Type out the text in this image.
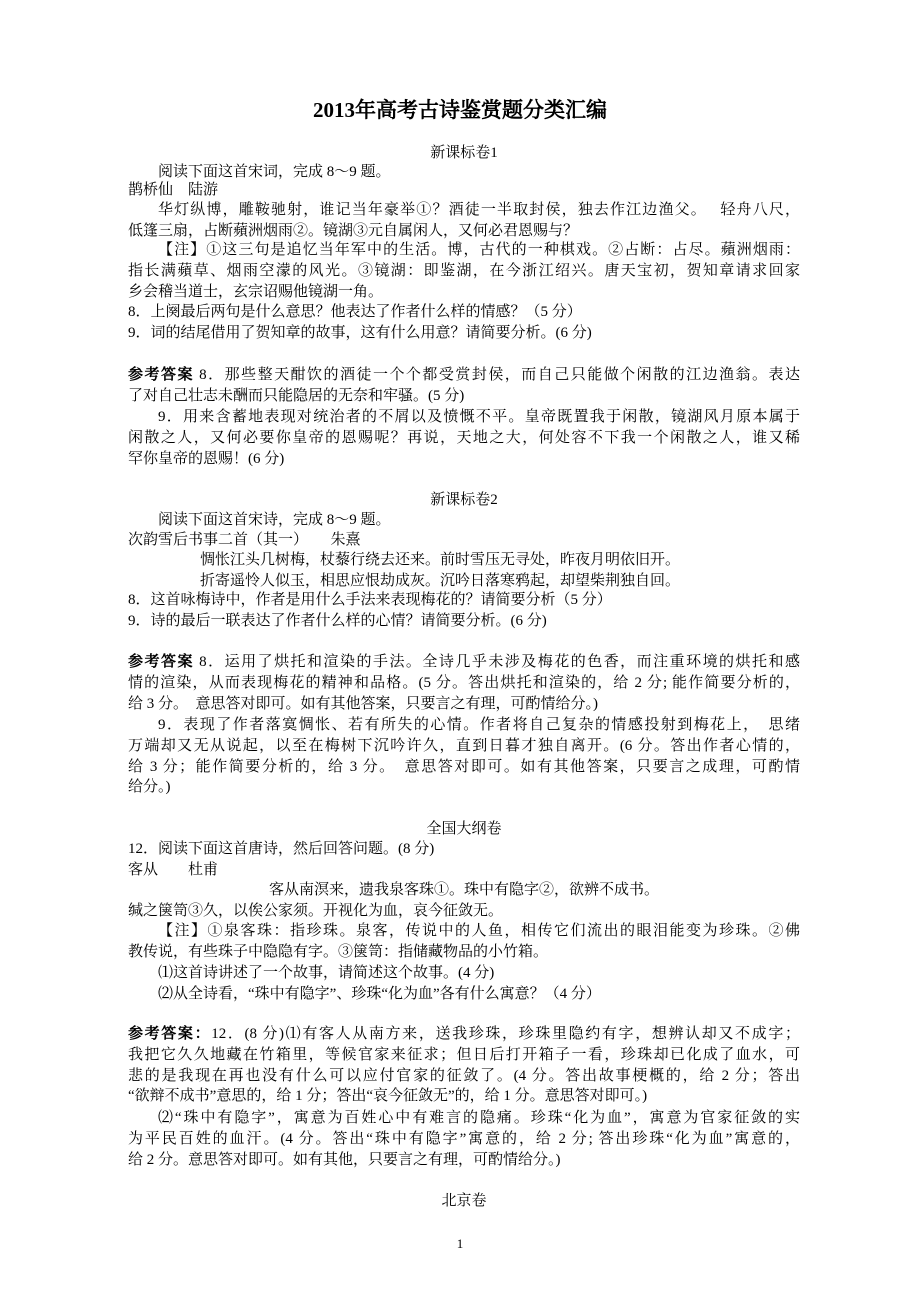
2013年高考古诗鉴赏题分类汇编
新课标卷1
阅读下面这首宋词，完成 8～9 题。
鹊桥仙　陆游
华灯纵博，雕鞍驰射，谁记当年豪举①？酒徒一半取封侯，独去作江边渔父。　 轻舟八尺，
低篷三扇，占断蘋洲烟雨②。镜湖③元自属闲人，又何必君恩赐与？
【注】①这三句是追忆当年军中的生活。博，古代的一种棋戏。②占断：占尽。蘋洲烟雨：
指长满蘋草、烟雨空濛的风光。③镜湖：即鉴湖，在今浙江绍兴。唐天宝初，贺知章请求回家
乡会稽当道士，玄宗诏赐他镜湖一角。
8．上阕最后两句是什么意思？他表达了作者什么样的情感？（5 分）
9．词的结尾借用了贺知章的故事，这有什么用意？请简要分析。(6 分)
参考答案 8．那些整天酣饮的酒徒一个个都受赏封侯，而自己只能做个闲散的江边渔翁。表达
了对自己壮志未酬而只能隐居的无奈和牢骚。(5 分)
9．用来含蓄地表现对统治者的不屑以及愤慨不平。皇帝既置我于闲散，镜湖风月原本属于
闲散之人，又何必要你皇帝的恩赐呢？再说，天地之大，何处容不下我一个闲散之人，谁又稀
罕你皇帝的恩赐！(6 分)
新课标卷2
阅读下面这首宋诗，完成 8～9 题。
次韵雪后书事二首（其一）　　朱熹
惆怅江头几树梅，杖藜行绕去还来。前时雪压无寻处，昨夜月明依旧开。
折寄遥怜人似玉，相思应恨劫成灰。沉吟日落寒鸦起，却望柴荆独自回。
8．这首咏梅诗中，作者是用什么手法来表现梅花的？请简要分析（5 分）
9．诗的最后一联表达了作者什么样的心情？请简要分析。(6 分)
参考答案 8．运用了烘托和渲染的手法。全诗几乎未涉及梅花的色香，而注重环境的烘托和感
情的渲染，从而表现梅花的精神和品格。(5 分。答出烘托和渲染的，给 2 分; 能作简要分析的，
给 3 分。　意思答对即可。如有其他答案，只要言之有理，可酌情给分。)
9．表现了作者落寞惆怅、若有所失的心情。作者将自己复杂的情感投射到梅花上，　思绪
万端却又无从说起，以至在梅树下沉吟许久，直到日暮才独自离开。(6 分。答出作者心情的，
给 3 分；能作简要分析的，给 3 分。　意思答对即可。如有其他答案，只要言之成理，可酌情
给分。)
全国大纲卷
12．阅读下面这首唐诗，然后回答问题。(8 分)
客从　　杜甫
客从南溟来，遗我泉客珠①。珠中有隐字②，欲辨不成书。
缄之箧笥③久，以俟公家须。开视化为血，哀今征敛无。
【注】①泉客珠：指珍珠。泉客，传说中的人鱼，相传它们流出的眼泪能变为珍珠。②佛
教传说，有些珠子中隐隐有字。③箧笥：指储藏物品的小竹箱。
⑴这首诗讲述了一个故事，请简述这个故事。(4 分)
⑵从全诗看，“珠中有隐字”、珍珠“化为血”各有什么寓意？（4 分）
参考答案：12．(8 分)⑴有客人从南方来，送我珍珠，珍珠里隐约有字，想辨认却又不成字；
我把它久久地藏在竹箱里，等候官家来征求；但日后打开箱子一看，珍珠却已化成了血水，可
悲的是我现在再也没有什么可以应付官家的征敛了。(4 分。答出故事梗概的，给 2 分；答出
“欲辩不成书”意思的，给 1 分；答出“哀今征敛无”的，给 1 分。意思答对即可。)
⑵“珠中有隐字”，寓意为百姓心中有难言的隐痛。珍珠“化为血”，寓意为官家征敛的实
为平民百姓的血汗。(4 分。答出“珠中有隐字”寓意的，给 2 分; 答出珍珠“化为血”寓意的，
给 2 分。意思答对即可。如有其他，只要言之有理，可酌情给分。)
北京卷
1
